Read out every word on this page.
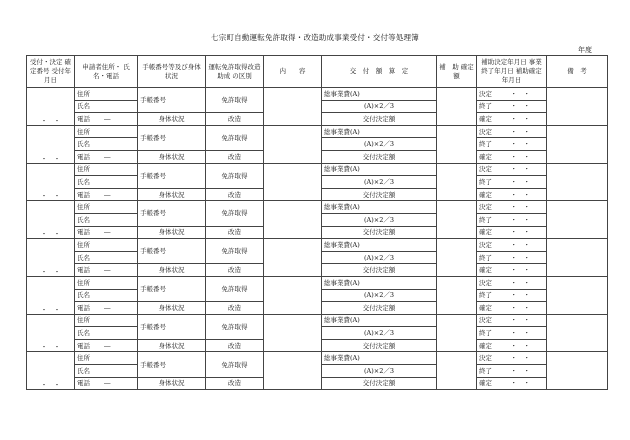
七宗町自動運転免許取得・改造助成事業受付・交付等処理簿
年度
受付・決定 確定番号 受付年月日	申請者住所・ 氏名・電話	手帳番号等及び身体状況	運転免許取得改造助成 の区別	内　　容	交　付　額　算　定	補　助 確定額	補助決定年月日 事業終了年月日 補助確定年月日	備　考
・　・	住所	手帳番号	免許取得		総事業費(A)		決定 ・　・	

	氏名				(A)×2／3		終了 ・　・	

	電話 ―	身体状況	改造		交付決定額		確定 ・　・	

・　・	住所	手帳番号	免許取得		総事業費(A)		決定 ・　・	

	氏名				(A)×2／3		終了 ・　・	

	電話 ―	身体状況	改造		交付決定額		確定 ・　・	

・　・	住所	手帳番号	免許取得		総事業費(A)		決定 ・　・	

	氏名				(A)×2／3		終了 ・　・	

	電話 ―	身体状況	改造		交付決定額		確定 ・　・	

・　・	住所	手帳番号	免許取得		総事業費(A)		決定 ・　・	

	氏名				(A)×2／3		終了 ・　・	

	電話 ―	身体状況	改造		交付決定額		確定 ・　・	

・　・	住所	手帳番号	免許取得		総事業費(A)		決定 ・　・	

	氏名				(A)×2／3		終了 ・　・	

	電話 ―	身体状況	改造		交付決定額		確定 ・　・	

・　・	住所	手帳番号	免許取得		総事業費(A)		決定 ・　・	

	氏名				(A)×2／3		終了 ・　・	

	電話 ―	身体状況	改造		交付決定額		確定 ・　・	

・　・	住所	手帳番号	免許取得		総事業費(A)		決定 ・　・	

	氏名				(A)×2／3		終了 ・　・	

	電話 ―	身体状況	改造		交付決定額		確定 ・　・	

・　・	住所	手帳番号	免許取得		総事業費(A)		決定 ・　・	

	氏名				(A)×2／3		終了 ・　・	

	電話 ―	身体状況	改造		交付決定額		確定 ・　・	
